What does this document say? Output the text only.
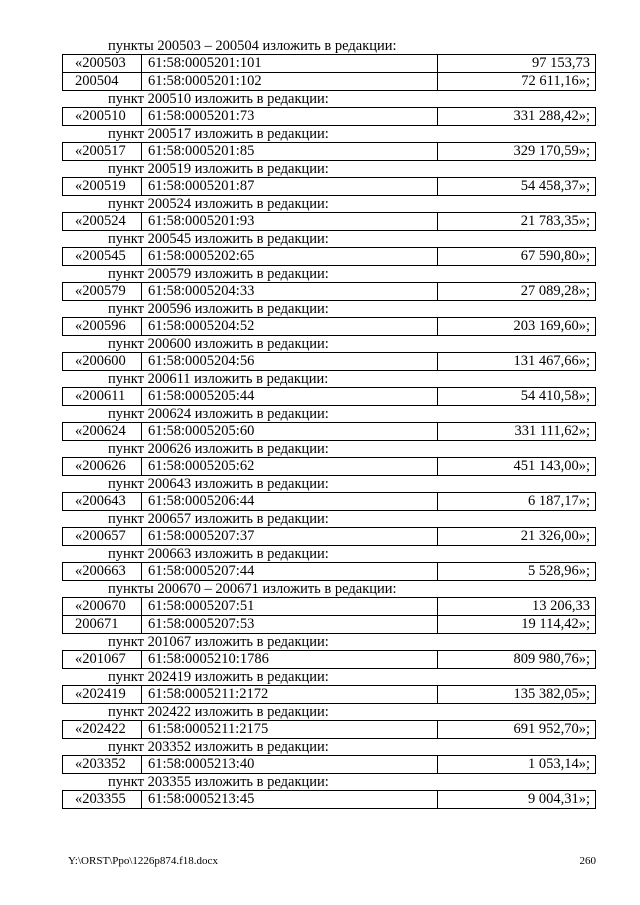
пункты 200503 – 200504 изложить в редакции:
«200503	61:58:0005201:101	97 153,73
200504	61:58:0005201:102	72 611,16»;
пункт 200510 изложить в редакции:
«200510	61:58:0005201:73	331 288,42»;
пункт 200517 изложить в редакции:
«200517	61:58:0005201:85	329 170,59»;
пункт 200519 изложить в редакции:
«200519	61:58:0005201:87	54 458,37»;
пункт 200524 изложить в редакции:
«200524	61:58:0005201:93	21 783,35»;
пункт 200545 изложить в редакции:
«200545	61:58:0005202:65	67 590,80»;
пункт 200579 изложить в редакции:
«200579	61:58:0005204:33	27 089,28»;
пункт 200596 изложить в редакции:
«200596	61:58:0005204:52	203 169,60»;
пункт 200600 изложить в редакции:
«200600	61:58:0005204:56	131 467,66»;
пункт 200611 изложить в редакции:
«200611	61:58:0005205:44	54 410,58»;
пункт 200624 изложить в редакции:
«200624	61:58:0005205:60	331 111,62»;
пункт 200626 изложить в редакции:
«200626	61:58:0005205:62	451 143,00»;
пункт 200643 изложить в редакции:
«200643	61:58:0005206:44	6 187,17»;
пункт 200657 изложить в редакции:
«200657	61:58:0005207:37	21 326,00»;
пункт 200663 изложить в редакции:
«200663	61:58:0005207:44	5 528,96»;
пункты 200670 – 200671 изложить в редакции:
«200670	61:58:0005207:51	13 206,33
200671	61:58:0005207:53	19 114,42»;
пункт 201067 изложить в редакции:
«201067	61:58:0005210:1786	809 980,76»;
пункт 202419 изложить в редакции:
«202419	61:58:0005211:2172	135 382,05»;
пункт 202422 изложить в редакции:
«202422	61:58:0005211:2175	691 952,70»;
пункт 203352 изложить в редакции:
«203352	61:58:0005213:40	1 053,14»;
пункт 203355 изложить в редакции:
«203355	61:58:0005213:45	9 004,31»;
Y:\ORST\Ppo\1226p874.f18.docx	260
